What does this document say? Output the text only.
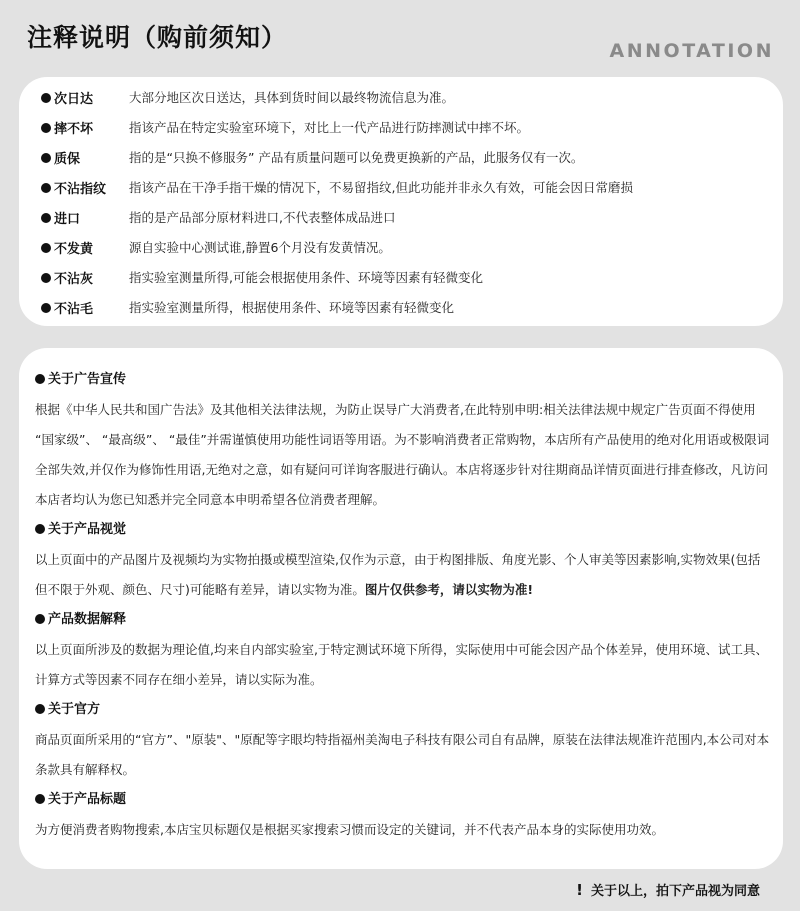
注释说明（购前须知）	ANNOTATION
次日达	大部分地区次日送达，具体到货时间以最终物流信息为准。
摔不坏	指该产品在特定实验室环境下，对比上一代产品进行防摔测试中摔不坏。
质保	指的是“只换不修服务” 产品有质量问题可以免费更换新的产品，此服务仅有一次。
不沾指纹	指该产品在干净手指干燥的情况下，不易留指纹,但此功能并非永久有效，可能会因日常磨损
进口	指的是产品部分原材料进口,不代表整体成品进口
不发黄	源自实验中心测试谁,静置6个月没有发黄情况。
不沾灰	指实验室测量所得,可能会根据使用条件、环境等因素有轻微变化
不沾毛	指实验室测量所得，根据使用条件、环境等因素有轻微变化
关于广告宣传
根据《中华人民共和国广告法》及其他相关法律法规，为防止误导广大消费者,在此特别申明:相关法律法规中规定广告页面不得使用 “国家级”、 “最高级”、 “最佳”并需谨慎使用功能性词语等用语。为不影响消费者正常购物，本店所有产品使用的绝对化用语或极限词全部失效,并仅作为修饰性用语,无绝对之意，如有疑问可详询客服进行确认。本店将逐步针对往期商品详情页面进行排查修改，凡访问本店者均认为您已知悉并完全同意本申明希望各位消费者理解。
关于产品视觉
以上页面中的产品图片及视频均为实物拍摄或模型渲染,仅作为示意，由于构图排版、角度光影、个人审美等因素影响,实物效果(包括但不限于外观、颜色、尺寸)可能略有差异，请以实物为准。图片仅供参考，请以实物为准!
产品数据解释
以上页面所涉及的数据为理论值,均来自内部实验室,于特定测试环境下所得，实际使用中可能会因产品个体差异，使用环境、试工具、计算方式等因素不同存在细小差异，请以实际为准。
关于官方
商品页面所采用的“官方”、"原装"、"原配等字眼均特指福州美淘电子科技有限公司自有品牌，原装在法律法规准许范围内,本公司对本条款具有解释权。
关于产品标题
为方便消费者购物搜索,本店宝贝标题仅是根据买家搜索习惯而设定的关键词，并不代表产品本身的实际使用功效。
! 关于以上，拍下产品视为同意
